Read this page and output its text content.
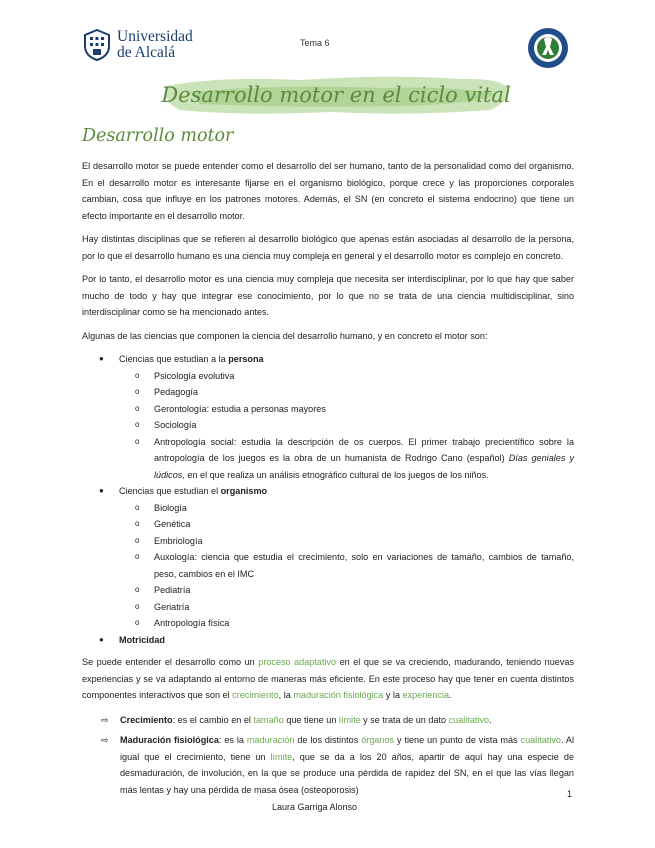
Universidad
de Alcalá
Tema 6
Desarrollo motor en el ciclo vital
Desarrollo motor

El desarrollo motor se puede entender como el desarrollo del ser humano, tanto de la personalidad como del organismo. En el desarrollo motor es interesante fijarse en el organismo biológico, porque crece y las proporciones corporales cambian, cosa que influye en los patrones motores. Además, el SN (en concreto el sistema endocrino) que tiene un efecto importante en el desarrollo motor.

Hay distintas disciplinas que se refieren al desarrollo biológico que apenas están asociadas al desarrollo de la persona, por lo que el desarrollo humano es una ciencia muy compleja en general y el desarrollo motor es complejo en concreto.

Por lo tanto, el desarrollo motor es una ciencia muy compleja que necesita ser interdisciplinar, por lo que hay que saber mucho de todo y hay que integrar ese conocimiento, por lo que no se trata de una ciencia multidisciplinar, sino interdisciplinar como se ha mencionado antes.

Algunas de las ciencias que componen la ciencia del desarrollo humano, y en concreto el motor son:

● Ciencias que estudian a la persona
o Psicología evolutiva
o Pedagogía
o Gerontología: estudia a personas mayores
o Sociología
o Antropología social: estudia la descripción de os cuerpos. El primer trabajo precientífico sobre la antropología de los juegos es la obra de un humanista de Rodrigo Cano (español) Días geniales y lúdicos, en el que realiza un análisis etnográfico cultural de los juegos de los niños.
● Ciencias que estudian el organismo
o Biología
o Genética
o Embriología
o Auxología: ciencia que estudia el crecimiento, solo en variaciones de tamaño, cambios de tamaño, peso, cambios en el IMC
o Pediatría
o Geriatría
o Antropología física
● Motricidad

Se puede entender el desarrollo como un proceso adaptativo en el que se va creciendo, madurando, teniendo nuevas experiencias y se va adaptando al entorno de maneras más eficiente. En este proceso hay que tener en cuenta distintos componentes interactivos que son el crecimiento, la maduración fisiológica y la experiencia.

⇨ Crecimiento: es el cambio en el tamaño que tiene un límite y se trata de un dato cualitativo.
⇨ Maduración fisiológica: es la maduración de los distintos órganos y tiene un punto de vista más cualitativo. Al igual que el crecimiento, tiene un límite, que se da a los 20 años, apartir de aquí hay una especie de desmaduración, de involución, en la que se produce una pérdida de rapidez del SN, en el que las vías llegan más lentas y hay una pérdida de masa ósea (osteoporosis)	1
Laura Garriga Alonso
